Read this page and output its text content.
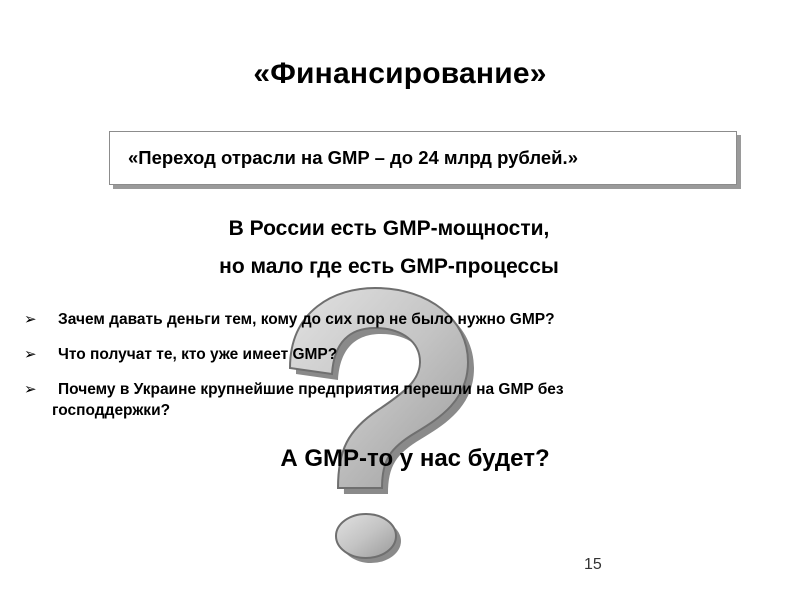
«Финансирование»
«Переход отрасли на GMP – до 24 млрд рублей.»
В России есть GMP-мощности,
но мало где есть GMP-процессы
➢ Зачем давать деньги тем, кому до сих пор не было нужно GMP?
➢ Что получат те, кто уже имеет GMP?
➢ Почему в Украине крупнейшие предприятия перешли на GMP без
господдержки?
А GMP-то у нас будет?
15
